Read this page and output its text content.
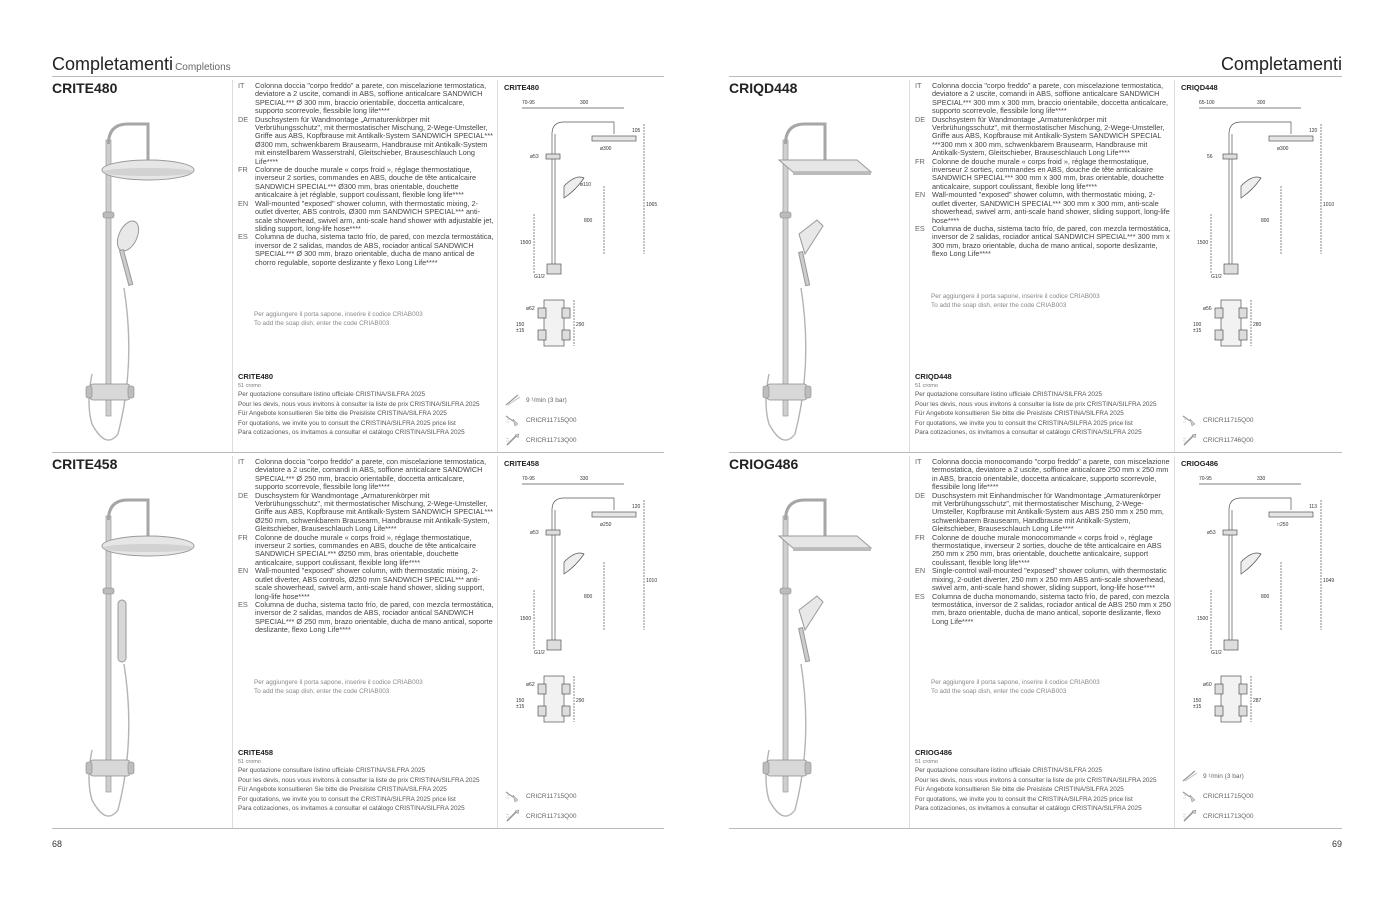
Completamenti Completions
CRITE480	IT	Colonna doccia "corpo freddo" a parete, con miscelazione termostatica, deviatore a 2 uscite, comandi in ABS, soffione anticalcare SANDWICH SPECIAL*** Ø 300 mm, braccio orientabile, doccetta anticalcare, supporto scorrevole, flessibile long life****
DE Duschsystem für Wandmontage „Armaturenkörper mit Verbrühungsschutz", mit thermostatischer Mischung, 2-Wege-Umsteller, Griffe aus ABS, Kopfbrause mit Antikalk-System SANDWICH SPECIAL*** Ø300 mm, schwenkbarem Brausearm, Handbrause mit Antikalk-System mit einstellbarem Wasserstrahl, Gleitschieber, Brauseschlauch Long Life****
FR Colonne de douche murale « corps froid », réglage thermostatique, inverseur 2 sorties, commandes en ABS, douche de tête anticalcaire SANDWICH SPECIAL*** Ø300 mm, bras orientable, douchette anticalcaire à jet réglable, support coulissant, flexible long life****
EN Wall-mounted "exposed" shower column, with thermostatic mixing, 2-outlet diverter, ABS controls, Ø300 mm SANDWICH SPECIAL*** anti-scale showerhead, swivel arm, anti-scale hand shower with adjustable jet, sliding support, long-life hose****
ES Columna de ducha, sistema tacto frío, de pared, con mezcla termostática, inversor de 2 salidas, mandos de ABS, rociador antical SANDWICH SPECIAL*** Ø 300 mm, brazo orientable, ducha de mano antical de chorro regulable, soporte deslizante y flexo Long Life****
Per aggiungere il porta sapone, inserire il codice CRIAB003
To add the soap dish, enter the code CRIAB003
CRITE480
51 cromo
Per quotazione consultare listino ufficiale CRISTINA/SILFRA 2025
Pour les devis, nous vous invitons à consulter la liste de prix CRISTINA/SILFRA 2025
Für Angebote konsultieren Sie bitte die Preisliste CRISTINA/SILFRA 2025
For quotations, we invite you to consult the CRISTINA/SILFRA 2025 price list
Para cotizaciones, os invitamos a consultar el catálogo CRISTINA/SILFRA 2025
CRITE480
70-95	300
105
ø53
ø300
ø110
800
1065
1500
G1/2
ø62
150
±15
290
9 ¹/min (3 bar)
CRICR11715Q00
CRICR11713Q00
CRITE458	IT	Colonna doccia "corpo freddo" a parete, con miscelazione termostatica, deviatore a 2 uscite, comandi in ABS, soffione anticalcare SANDWICH SPECIAL*** Ø 250 mm, braccio orientabile, doccetta anticalcare, supporto scorrevole, flessibile long life****
DE Duschsystem für Wandmontage „Armaturenkörper mit Verbrühungsschutz", mit thermostatischer Mischung, 2-Wege-Umsteller, Griffe aus ABS, Kopfbrause mit Antikalk-System SANDWICH SPECIAL*** Ø250 mm, schwenkbarem Brausearm, Handbrause mit Antikalk-System, Gleitschieber, Brauseschlauch Long Life****
FR Colonne de douche murale « corps froid », réglage thermostatique, inverseur 2 sorties, commandes en ABS, douche de tête anticalcaire SANDWICH SPECIAL*** Ø250 mm, bras orientable, douchette anticalcaire, support coulissant, flexible long life****
EN Wall-mounted "exposed" shower column, with thermostatic mixing, 2-outlet diverter, ABS controls, Ø250 mm SANDWICH SPECIAL*** anti-scale showerhead, swivel arm, anti-scale hand shower, sliding support, long-life hose****
ES Columna de ducha, sistema tacto frío, de pared, con mezcla termostática, inversor de 2 salidas, mandos de ABS, rociador antical SANDWICH SPECIAL*** Ø 250 mm, brazo orientable, ducha de mano antical, soporte deslizante, flexo Long Life****
Per aggiungere il porta sapone, inserire il codice CRIAB003
To add the soap dish, enter the code CRIAB003
CRITE458
51 cromo
Per quotazione consultare listino ufficiale CRISTINA/SILFRA 2025
Pour les devis, nous vous invitons à consulter la liste de prix CRISTINA/SILFRA 2025
Für Angebote konsultieren Sie bitte die Preisliste CRISTINA/SILFRA 2025
For quotations, we invite you to consult the CRISTINA/SILFRA 2025 price list
Para cotizaciones, os invitamos a consultar el catálogo CRISTINA/SILFRA 2025
CRITE458
70-95	330
120
ø53
ø250
800
1010
1500
G1/2
ø62
150
±15
290
CRICR11715Q00
CRICR11713Q00
68
Completamenti
CRIQD448	IT	Colonna doccia "corpo freddo" a parete, con miscelazione termostatica, deviatore a 2 uscite, comandi in ABS, soffione anticalcare SANDWICH SPECIAL*** 300 mm x 300 mm, braccio orientabile, doccetta anticalcare, supporto scorrevole, flessibile long life****
DE Duschsystem für Wandmontage „Armaturenkörper mit Verbrühungsschutz", mit thermostatischer Mischung, 2-Wege-Umsteller, Griffe aus ABS, Kopfbrause mit Antikalk-System SANDWICH SPECIAL ***300 mm x 300 mm, schwenkbarem Brausearm, Handbrause mit Antikalk-System, Gleitschieber, Brauseschlauch Long Life****
FR Colonne de douche murale « corps froid », réglage thermostatique, inverseur 2 sorties, commandes en ABS, douche de tête anticalcaire SANDWICH SPECIAL*** 300 mm x 300 mm, bras orientable, douchette anticalcaire, support coulissant, flexible long life****
EN Wall-mounted "exposed" shower column, with thermostatic mixing, 2-outlet diverter, SANDWICH SPECIAL*** 300 mm x 300 mm, anti-scale showerhead, swivel arm, anti-scale hand shower, sliding support, long-life hose****
ES Columna de ducha, sistema tacto frío, de pared, con mezcla termostática, inversor de 2 salidas, rociador antical SANDWICH SPECIAL*** 300 mm x 300 mm, brazo orientable, ducha de mano antical, soporte deslizante, flexo Long Life****
Per aggiungere il porta sapone, inserire il codice CRIAB003
To add the soap dish, enter the code CRIAB003
CRIQD448
51 cromo
Per quotazione consultare listino ufficiale CRISTINA/SILFRA 2025
Pour les devis, nous vous invitons à consulter la liste de prix CRISTINA/SILFRA 2025
Für Angebote konsultieren Sie bitte die Preisliste CRISTINA/SILFRA 2025
For quotations, we invite you to consult the CRISTINA/SILFRA 2025 price list
Para cotizaciones, os invitamos a consultar el catálogo CRISTINA/SILFRA 2025
CRIQD448
65-100	300
120
56
ø300
800
1010
1500
G1/2
ø56
100
±15
280
CRICR11715Q00
CRICR11746Q00
CRIOG486	IT	Colonna doccia monocomando "corpo freddo" a parete, con miscelazione termostatica, deviatore a 2 uscite, soffione anticalcare 250 mm x 250 mm in ABS, braccio orientabile, doccetta anticalcare, supporto scorrevole, flessibile long life****
DE Duschsystem mit Einhandmischer für Wandmontage „Armaturenkörper mit Verbrühungsschutz", mit thermostatischer Mischung, 2-Wege-Umsteller, Kopfbrause mit Antikalk-System aus ABS 250 mm x 250 mm, schwenkbarem Brausearm, Handbrause mit Antikalk-System, Gleitschieber, Brauseschlauch Long Life****
FR Colonne de douche murale monocommande « corps froid », réglage thermostatique, inverseur 2 sorties, douche de tête anticalcaire en ABS 250 mm x 250 mm, bras orientable, douchette anticalcaire, support coulissant, flexible long life****
EN Single-control wall-mounted "exposed" shower column, with thermostatic mixing, 2-outlet diverter, 250 mm x 250 mm ABS anti-scale showerhead, swivel arm, anti-scale hand shower, sliding support, long-life hose****
ES Columna de ducha monomando, sistema tacto frío, de pared, con mezcla termostática, inversor de 2 salidas, rociador antical de ABS 250 mm x 250 mm, brazo orientable, ducha de mano antical, soporte deslizante, flexo Long Life****
Per aggiungere il porta sapone, inserire il codice CRIAB003
To add the soap dish, enter the code CRIAB003
CRIOG486
51 cromo
Per quotazione consultare listino ufficiale CRISTINA/SILFRA 2025
Pour les devis, nous vous invitons à consulter la liste de prix CRISTINA/SILFRA 2025
Für Angebote konsultieren Sie bitte die Preisliste CRISTINA/SILFRA 2025
For quotations, we invite you to consult the CRISTINA/SILFRA 2025 price list
Para cotizaciones, os invitamos a consultar el catálogo CRISTINA/SILFRA 2025
CRIOG486
70-95	330
113
ø53
□250
800
1049
1500
G1/2
ø60
150
±15
287
9 ¹/min (3 bar)
CRICR11715Q00
CRICR11713Q00
69
